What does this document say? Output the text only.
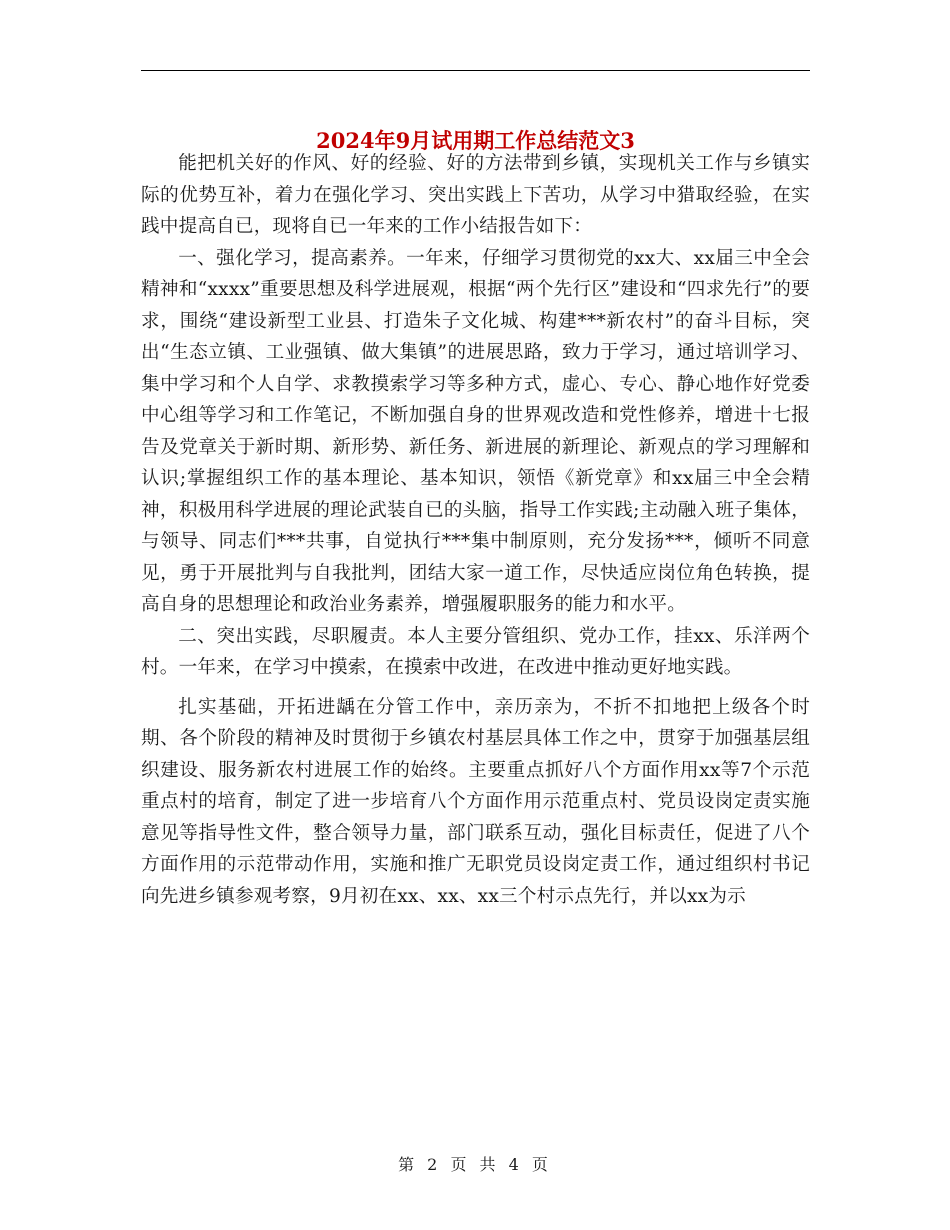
2024年9月试用期工作总结范文3

能把机关好的作风、好的经验、好的方法带到乡镇，实现机关工作与乡镇实际的优势互补，着力在强化学习、突出实践上下苦功，从学习中猎取经验，在实践中提高自已，现将自已一年来的工作小结报告如下：

一、强化学习，提高素养。一年来，仔细学习贯彻党的xx大、xx届三中全会精神和“xxxx”重要思想及科学进展观，根据“两个先行区”建设和“四求先行”的要求，围绕“建设新型工业县、打造朱子文化城、构建***新农村”的奋斗目标，突出“生态立镇、工业强镇、做大集镇”的进展思路，致力于学习，通过培训学习、集中学习和个人自学、求教摸索学习等多种方式，虚心、专心、静心地作好党委中心组等学习和工作笔记，不断加强自身的世界观改造和党性修养，增进十七报告及党章关于新时期、新形势、新任务、新进展的新理论、新观点的学习理解和认识;掌握组织工作的基本理论、基本知识，领悟《新党章》和xx届三中全会精神，积极用科学进展的理论武装自已的头脑，指导工作实践;主动融入班子集体，与领导、同志们***共事，自觉执行***集中制原则，充分发扬***，倾听不同意见，勇于开展批判与自我批判，团结大家一道工作，尽快适应岗位角色转换，提高自身的思想理论和政治业务素养，增强履职服务的能力和水平。

二、突出实践，尽职履责。本人主要分管组织、党办工作，挂xx、乐洋两个村。一年来，在学习中摸索，在摸索中改进，在改进中推动更好地实践。

扎实基础，开拓进龋在分管工作中，亲历亲为，不折不扣地把上级各个时期、各个阶段的精神及时贯彻于乡镇农村基层具体工作之中，贯穿于加强基层组织建设、服务新农村进展工作的始终。主要重点抓好八个方面作用xx等7个示范重点村的培育，制定了进一步培育八个方面作用示范重点村、党员设岗定责实施意见等指导性文件，整合领导力量，部门联系互动，强化目标责任，促进了八个方面作用的示范带动作用，实施和推广无职党员设岗定责工作，通过组织村书记向先进乡镇参观考察，9月初在xx、xx、xx三个村示点先行，并以xx为示

第 2 页 共 4 页
